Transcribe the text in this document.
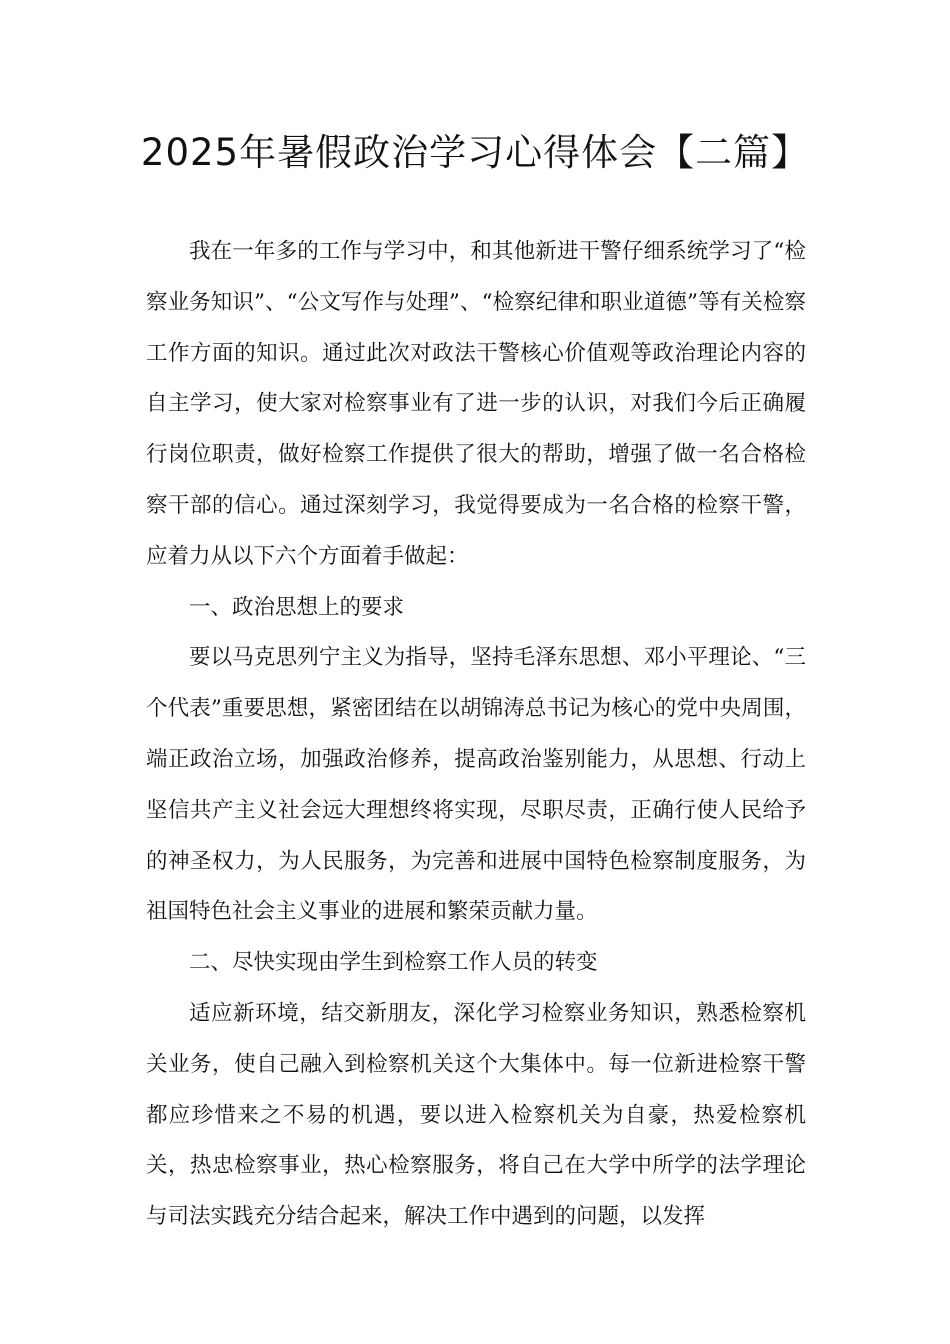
2025年暑假政治学习心得体会【二篇】

我在一年多的工作与学习中，和其他新进干警仔细系统学习了“检察业务知识”、“公文写作与处理”、“检察纪律和职业道德”等有关检察工作方面的知识。通过此次对政法干警核心价值观等政治理论内容的自主学习，使大家对检察事业有了进一步的认识，对我们今后正确履行岗位职责，做好检察工作提供了很大的帮助，增强了做一名合格检察干部的信心。通过深刻学习，我觉得要成为一名合格的检察干警，应着力从以下六个方面着手做起：

一、政治思想上的要求

要以马克思列宁主义为指导，坚持毛泽东思想、邓小平理论、“三个代表”重要思想，紧密团结在以胡锦涛总书记为核心的党中央周围，端正政治立场，加强政治修养，提高政治鉴别能力，从思想、行动上坚信共产主义社会远大理想终将实现，尽职尽责，正确行使人民给予的神圣权力，为人民服务，为完善和进展中国特色检察制度服务，为祖国特色社会主义事业的进展和繁荣贡献力量。

二、尽快实现由学生到检察工作人员的转变

适应新环境，结交新朋友，深化学习检察业务知识，熟悉检察机关业务，使自己融入到检察机关这个大集体中。每一位新进检察干警都应珍惜来之不易的机遇，要以进入检察机关为自豪，热爱检察机关，热忠检察事业，热心检察服务，将自己在大学中所学的法学理论与司法实践充分结合起来，解决工作中遇到的问题，以发挥
